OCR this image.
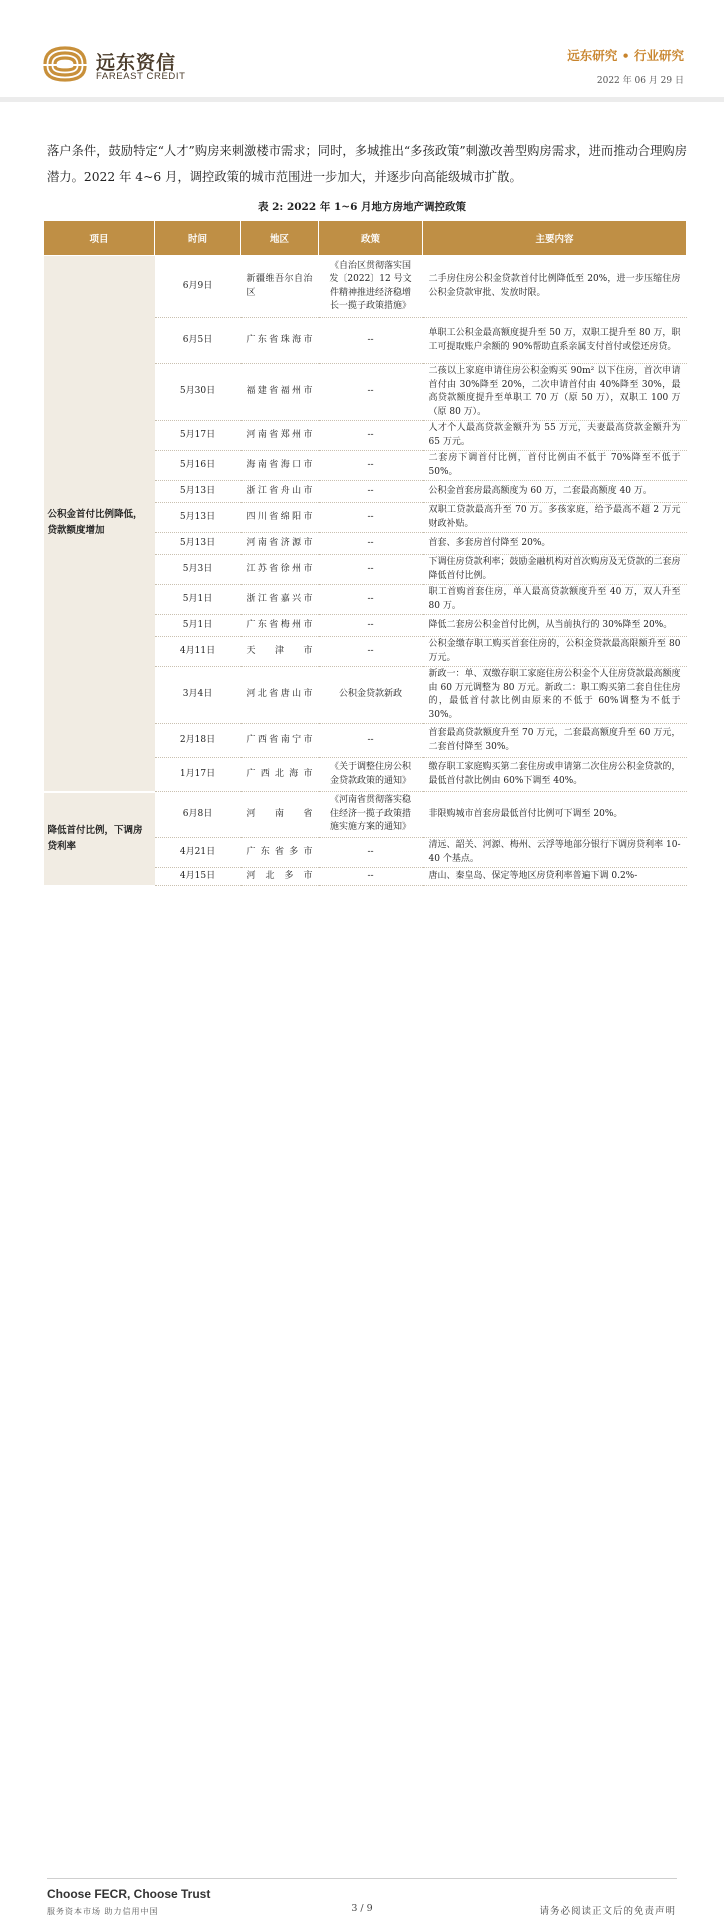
远东资信
FAREAST CREDIT
远东研究 • 行业研究
2022 年 06 月 29 日
落户条件，鼓励特定“人才”购房来刺激楼市需求；同时，多城推出“多孩政策”刺激改善型购房需求，进而推动合理购房潜力。2022 年 4~6 月，调控政策的城市范围进一步加大，并逐步向高能级城市扩散。
表 2: 2022 年 1~6 月地方房地产调控政策
项目	时间	地区	政策	主要内容
公积金首付比例降低，贷款额度增加	6月9日	新疆维吾尔自治区	《自治区贯彻落实国发〔2022〕12 号文件精神推进经济稳增长一揽子政策措施》	二手房住房公积金贷款首付比例降低至 20%，进一步压缩住房公积金贷款审批、发放时限。
	6月5日	广东省珠海市	--	单职工公积金最高额度提升至 50 万，双职工提升至 80 万，职工可提取账户余额的 90%帮助直系亲属支付首付或偿还房贷。
	5月30日	福建省福州市	--	二孩以上家庭申请住房公积金购买 90m² 以下住房，首次申请首付由 30%降至 20%，二次申请首付由 40%降至 30%，最高贷款额度提升至单职工 70 万（原 50 万），双职工 100 万（原 80 万）。
	5月17日	河南省郑州市	--	人才个人最高贷款金额升为 55 万元，夫妻最高贷款金额升为 65 万元。
	5月16日	海南省海口市	--	二套房下调首付比例，首付比例由不低于 70%降至不低于 50%。
	5月13日	浙江省舟山市	--	公积金首套房最高额度为 60 万，二套最高额度 40 万。
	5月13日	四川省绵阳市	--	双职工贷款最高升至 70 万。多孩家庭，给予最高不超 2 万元财政补贴。
	5月13日	河南省济源市	--	首套、多套房首付降至 20%。
	5月3日	江苏省徐州市	--	下调住房贷款利率；鼓励金融机构对首次购房及无贷款的二套房降低首付比例。
	5月1日	浙江省嘉兴市	--	职工首购首套住房，单人最高贷款额度升至 40 万，双人升至 80 万。
	5月1日	广东省梅州市	--	降低二套房公积金首付比例，从当前执行的 30%降至 20%。
	4月11日	天津市	--	公积金缴存职工购买首套住房的，公积金贷款最高限额升至 80 万元。
	3月4日	河北省唐山市	公积金贷款新政	新政一：单、双缴存职工家庭住房公积金个人住房贷款最高额度由 60 万元调整为 80 万元。新政二：职工购买第二套自住住房的，最低首付款比例由原来的不低于 60%调整为不低于 30%。
	2月18日	广西省南宁市	--	首套最高贷款额度升至 70 万元，二套最高额度升至 60 万元，二套首付降至 30%。
	1月17日	广西北海市	《关于调整住房公积金贷款政策的通知》	缴存职工家庭购买第二套住房或申请第二次住房公积金贷款的，最低首付款比例由 60%下调至 40%。
降低首付比例，下调房贷利率	6月8日	河南省	《河南省贯彻落实稳住经济一揽子政策措施实施方案的通知》	非限购城市首套房最低首付比例可下调至 20%。
	4月21日	广东省多市	--	清远、韶关、河源、梅州、云浮等地部分银行下调房贷利率 10-40 个基点。
	4月15日	河北多市	--	唐山、秦皇岛、保定等地区房贷利率普遍下调 0.2%-
Choose FECR, Choose Trust
服务资本市场 助力信用中国	3 / 9	请务必阅读正文后的免责声明
